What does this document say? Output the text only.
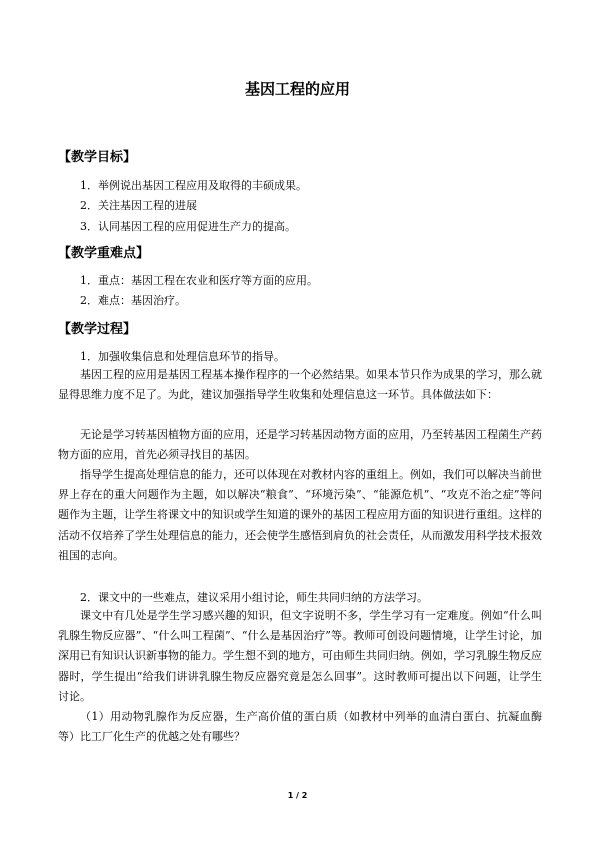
基因工程的应用

【教学目标】

1．举例说出基因工程应用及取得的丰硕成果。

2．关注基因工程的进展

3．认同基因工程的应用促进生产力的提高。

【教学重难点】

1．重点：基因工程在农业和医疗等方面的应用。

2．难点：基因治疗。

【教学过程】

1．加强收集信息和处理信息环节的指导。

基因工程的应用是基因工程基本操作程序的一个必然结果。如果本节只作为成果的学习，那么就显得思维力度不足了。为此，建议加强指导学生收集和处理信息这一环节。具体做法如下：

无论是学习转基因植物方面的应用，还是学习转基因动物方面的应用，乃至转基因工程菌生产药物方面的应用，首先必须寻找目的基因。

指导学生提高处理信息的能力，还可以体现在对教材内容的重组上。例如，我们可以解决当前世界上存在的重大问题作为主题，如以解决“粮食”、“环境污染”、“能源危机”、“攻克不治之症”等问题作为主题，让学生将课文中的知识或学生知道的课外的基因工程应用方面的知识进行重组。这样的活动不仅培养了学生处理信息的能力，还会使学生感悟到肩负的社会责任，从而激发用科学技术报效祖国的志向。

2．课文中的一些难点，建议采用小组讨论，师生共同归纳的方法学习。

课文中有几处是学生学习感兴趣的知识，但文字说明不多，学生学习有一定难度。例如“什么叫乳腺生物反应器”、“什么叫工程菌”、“什么是基因治疗”等。教师可创设问题情境，让学生讨论，加深用已有知识认识新事物的能力。学生想不到的地方，可由师生共同归纳。例如，学习乳腺生物反应器时，学生提出“给我们讲讲乳腺生物反应器究竟是怎么回事”。这时教师可提出以下问题，让学生讨论。

（1）用动物乳腺作为反应器，生产高价值的蛋白质（如教材中列举的血清白蛋白、抗凝血酶等）比工厂化生产的优越之处有哪些？

1 / 2
